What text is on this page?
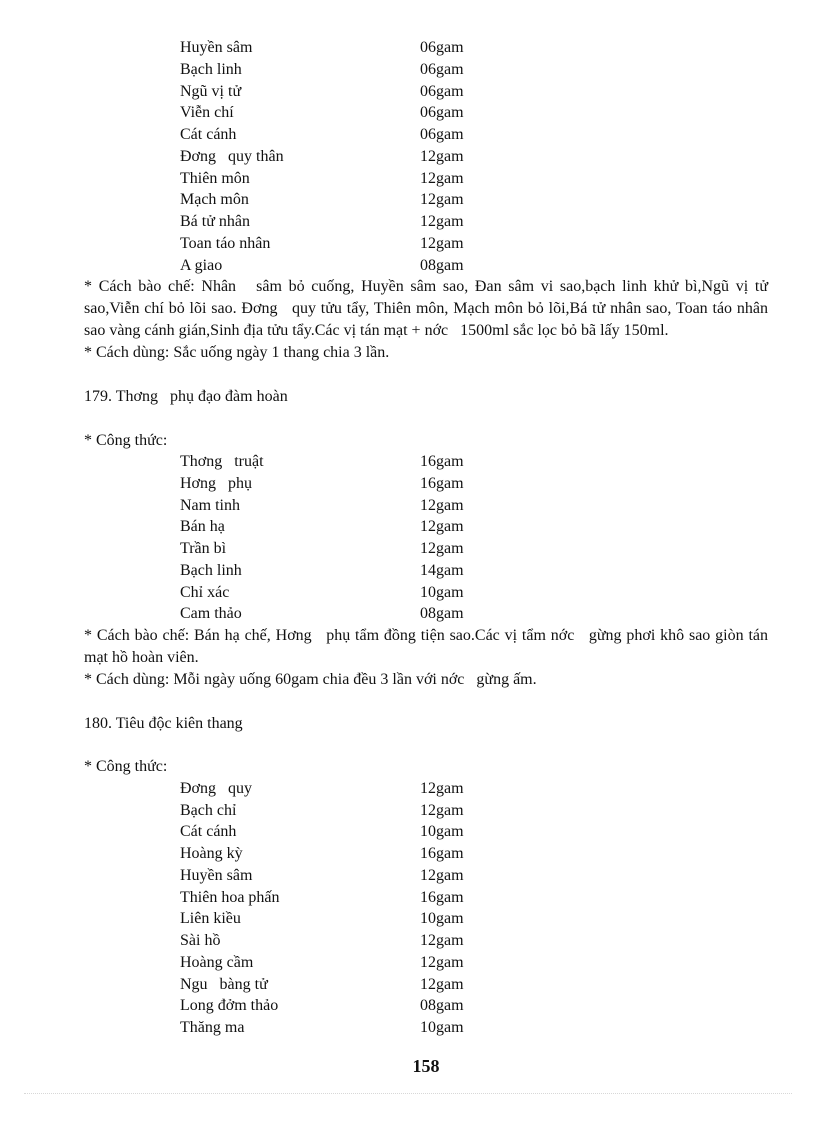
Huyền sâm	06gam
Bạch linh	06gam
Ngũ vị tử	06gam
Viễn chí	06gam
Cát cánh	06gam
Đơng   quy thân	12gam
Thiên môn	12gam
Mạch môn	12gam
Bá tử nhân	12gam
Toan táo nhân	12gam
A giao	08gam
* Cách bào chế: Nhân   sâm bỏ cuống, Huyền sâm sao, Đan sâm vi sao,bạch linh khử bì,Ngũ vị tử sao,Viễn chí bỏ lõi sao. Đơng   quy tửu tẩy, Thiên môn, Mạch môn bỏ lõi,Bá tử nhân sao, Toan táo nhân sao vàng cánh gián,Sinh địa tửu tẩy.Các vị tán mạt + nớc   1500ml sắc lọc bỏ bã lấy 150ml.
* Cách dùng: Sắc uống ngày 1 thang chia 3 lần.
179. Thơng   phụ đạo đàm hoàn
* Công thức:
Thơng   truật	16gam
Hơng   phụ	16gam
Nam tinh	12gam
Bán hạ	12gam
Trần bì	12gam
Bạch linh	14gam
Chỉ xác	10gam
Cam thảo	08gam
* Cách bào chế: Bán hạ chế, Hơng   phụ tẩm đồng tiện sao.Các vị tẩm nớc   gừng phơi khô sao giòn tán mạt hồ hoàn viên.
* Cách dùng: Mỗi ngày uống 60gam chia đều 3 lần với nớc   gừng ấm.
180. Tiêu độc kiên thang
* Công thức:
Đơng   quy	12gam
Bạch chỉ	12gam
Cát cánh	10gam
Hoàng kỳ	16gam
Huyền sâm	12gam
Thiên hoa phấn	16gam
Liên kiều	10gam
Sài hồ	12gam
Hoàng cầm	12gam
Ngu   bàng tử	12gam
Long đởm thảo	08gam
Thăng ma	10gam
158
